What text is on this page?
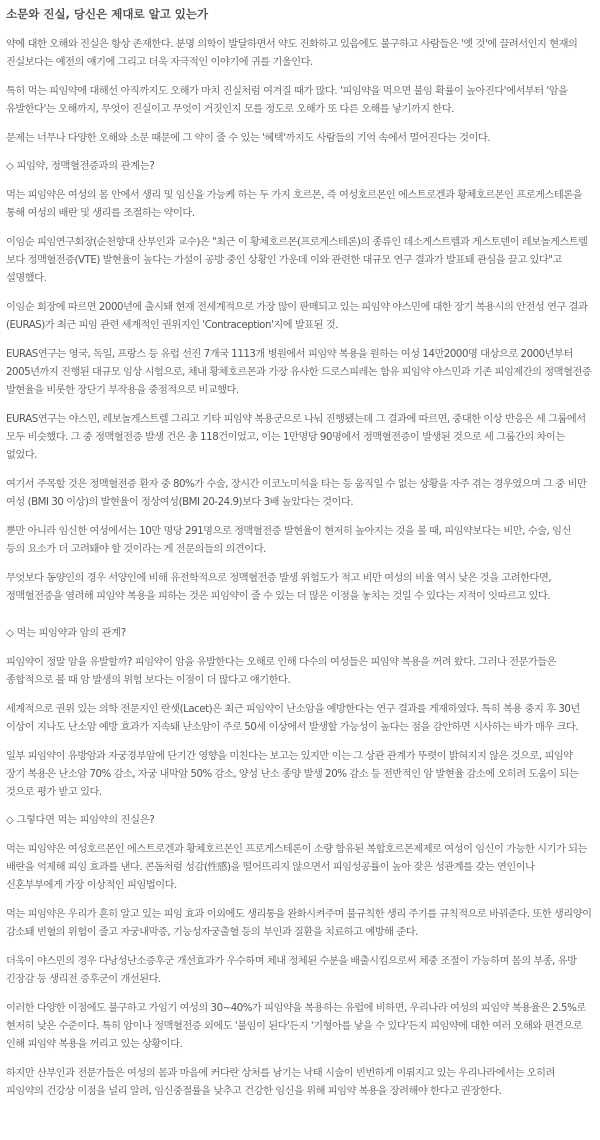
소문와 진실, 당신은 제대로 알고 있는가

약에 대한 오해와 진실은 항상 존재한다. 분명 의학이 발달하면서 약도 진화하고 있음에도 불구하고 사람들은 '옛 것'에 끌려서인지 현재의 진실보다는 예전의 얘기에 그리고 더욱 자극적인 이야기에 귀를 기울인다.

특히 먹는 피임약에 대해선 아직까지도 오해가 마치 진실처럼 여겨질 때가 많다. '피임약을 먹으면 불임 확률이 높아진다'에서부터 '암을 유발한다'는 오해까지, 무엇이 진실이고 무엇이 거짓인지 모를 정도로 오해가 또 다른 오해를 낳기까지 한다.

문제는 너무나 다양한 오해와 소문 때문에 그 약이 줄 수 있는 '혜택'까지도 사람들의 기억 속에서 멀어진다는 것이다.

◇ 피임약, 정맥혈전증과의 관계는?

먹는 피임약은 여성의 몸 안에서 생리 및 임신을 가능케 하는 두 가지 호르몬, 즉 여성호르몬인 에스트로겐과 황체호르몬인 프로게스테론을 통해 여성의 배란 및 생리를 조절하는 약이다.

이임순 피임연구회장(순천향대 산부인과 교수)은 "최근 이 황체호르몬(프로게스테론)의 종류인 데소게스트렐과 게스토덴이 레보놀게스트렐 보다 정맥혈전증(VTE) 발현율이 높다는 가설이 공방 중인 상황인 가운데 이와 관련한 대규모 연구 결과가 발표돼 관심을 끌고 있다"고 설명했다.

이임순 회장에 따르면 2000년에 출시돼 현재 전세계적으로 가장 많이 판매되고 있는 피임약 야스민에 대한 장기 복용시의 안전성 연구 결과(EURAS)가 최근 피임 관련 세계적인 권위지인 'Contraception'지에 발표된 것.

EURAS연구는 영국, 독일, 프랑스 등 유럽 선진 7개국 1113개 병원에서 피임약 복용을 원하는 여성 14만2000명 대상으로 2000년부터 2005년까지 진행된 대규모 임상 시험으로, 체내 황체호르몬과 가장 유사한 드로스피레논 함유 피임약 야스민과 기존 피임제간의 정맥혈전증 발현율을 비롯한 장단기 부작용을 중점적으로 비교했다.

EURAS연구는 야스민, 레보놀게스트렐 그리고 기타 피임약 복용군으로 나눠 진행됐는데 그 결과에 따르면, 중대한 이상 반응은 세 그룹에서 모두 비슷했다. 그 중 정맥혈전증 발생 건은 총 118건이었고, 이는 1만명당 90명에서 정맥혈전증이 발생된 것으로 세 그룹간의 차이는 없었다.

여기서 주목할 것은 정맥혈전증 환자 중 80%가 수술, 장시간 이코노미석을 타는 등 움직일 수 없는 상황을 자주 겪는 경우였으며 그 중 비만 여성 (BMI 30 이상)의 발현율이 정상여성(BMI 20-24.9)보다 3배 높았다는 것이다.

뿐만 아니라 임신한 여성에서는 10만 명당 291명으로 정맥혈전증 발현율이 현저히 높아지는 것을 볼 때, 피임약보다는 비만, 수술, 임신 등의 요소가 더 고려돼야 할 것이라는 게 전문의들의 의견이다.

무엇보다 동양인의 경우 서양인에 비해 유전학적으로 정맥혈전증 발생 위험도가 적고 비만 여성의 비율 역시 낮은 것을 고려한다면, 정맥혈전증을 염려해 피임약 복용을 피하는 것은 피임약이 줄 수 있는 더 많은 이점을 놓치는 것일 수 있다는 지적이 잇따르고 있다.

◇ 먹는 피임약과 암의 관계?

피임약이 정말 암을 유발할까? 피임약이 암을 유발한다는 오해로 인해 다수의 여성들은 피임약 복용을 꺼려 왔다. 그러나 전문가들은 종합적으로 볼 때 암 발생의 위험 보다는 이점이 더 많다고 얘기한다.

세계적으로 권위 있는 의학 전문지인 란셋(Lacet)은 최근 피임약이 난소암을 예방한다는 연구 결과를 게재하였다. 특히 복용 중지 후 30년 이상이 지나도 난소암 예방 효과가 지속돼 난소암이 주로 50세 이상에서 발생할 가능성이 높다는 점을 감안하면 시사하는 바가 매우 크다.

일부 피임약이 유방암과 자궁경부암에 단기간 영향을 미친다는 보고는 있지만 이는 그 상관 관계가 뚜렷이 밝혀지지 않은 것으로, 피임약 장기 복용은 난소암 70% 감소, 자궁 내막암 50% 감소, 양성 난소 종양 발생 20% 감소 등 전반적인 암 발현율 감소에 오히려 도움이 되는 것으로 평가 받고 있다.

◇ 그렇다면 먹는 피임약의 진실은?

먹는 피임약은 여성호르몬인 에스트로겐과 황체호르몬인 프로게스테론이 소량 함유된 복합호르몬제제로 여성이 임신이 가능한 시기가 되는 배란을 억제해 피임 효과를 낸다. 콘돔처럼 성감(性感)을 떨어뜨리지 않으면서 피임성공률이 높아 잦은 성관계를 갖는 연인이나 신혼부부에게 가장 이상적인 피임법이다.

먹는 피임약은 우리가 흔히 알고 있는 피임 효과 이외에도 생리통을 완화시켜주며 불규칙한 생리 주기를 규칙적으로 바꿔준다. 또한 생리양이 감소돼 빈혈의 위험이 줄고 자궁내막증, 기능성자궁출혈 등의 부인과 질환을 치료하고 예방해 준다.

더욱이 야스민의 경우 다낭성난소증후군 개선효과가 우수하며 체내 정체된 수분을 배출시킴으로써 체중 조절이 가능하며 몸의 부종, 유방 긴장감 등 생리전 증후군이 개선된다.

이러한 다양한 이점에도 불구하고 가임기 여성의 30~40%가 피임약을 복용하는 유럽에 비하면, 우리나라 여성의 피임약 복용율은 2.5%로 현저히 낮은 수준이다. 특히 암이나 정맥혈전증 외에도 '불임이 된다'든지 '기형아를 낳을 수 있다'든지 피임약에 대한 여러 오해와 편견으로 인해 피임약 복용을 꺼리고 있는 상황이다.

하지만 산부인과 전문가들은 여성의 몸과 마음에 커다란 상처를 남기는 낙태 시술이 빈번하게 이뤄지고 있는 우리나라에서는 오히려 피임약의 건강상 이점을 널리 알려, 임신중절률을 낮추고 건강한 임신을 위해 피임약 복용을 장려해야 한다고 권장한다.
